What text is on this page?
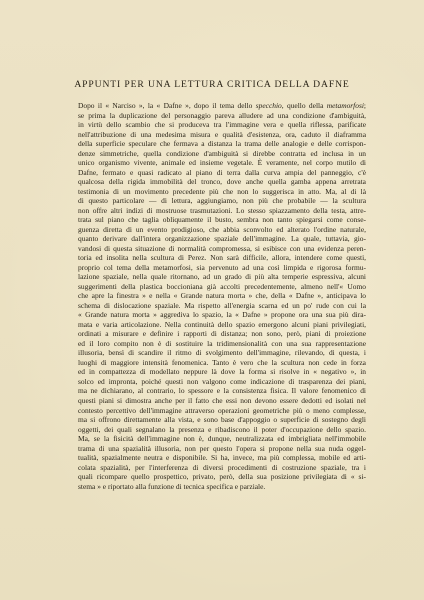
APPUNTI PER UNA LETTURA CRITICA DELLA DAFNE
Dopo il « Narciso », la « Dafne », dopo il tema dello specchio, quello della metamorfosi;
se prima la duplicazione del personaggio pareva alludere ad una condizione d'ambiguità,
in virtù dello scambio che si produceva tra l'immagine vera e quella riflessa, parificate
nell'attribuzione di una medesima misura e qualità d'esistenza, ora, caduto il diaframma
della superficie speculare che fermava a distanza la trama delle analogie e delle corrispon-
denze simmetriche, quella condizione d'ambiguità si direbbe contratta ed inclusa in un
unico organismo vivente, animale ed insieme vegetale. È veramente, nel corpo mutilo di
Dafne, fermato e quasi radicato al piano di terra dalla curva ampia del panneggio, c'è
qualcosa della rigida immobilità del tronco, dove anche quella gamba appena arretrata
testimonia di un movimento precedente più che non lo suggerisca in atto. Ma, al di là
di questo particolare — di lettura, aggiungiamo, non più che probabile — la scultura
non offre altri indizi di mostruose trasmutazioni. Lo stesso spiazzamento della testa, attre-
trata sul piano che taglia obliquamente il busto, sembra non tanto spiegarsi come conse-
guenza diretta di un evento prodigioso, che abbia sconvolto ed alterato l'ordine naturale,
quanto derivare dall'intera organizzazione spaziale dell'immagine. La quale, tuttavia, gio-
vandosi di questa situazione di normalità compromessa, si esibisce con una evidenza peren-
toria ed insolita nella scultura di Perez. Non sarà difficile, allora, intendere come questi,
proprio col tema della metamorfosi, sia pervenuto ad una così limpida e rigorosa formu-
lazione spaziale, nella quale ritornano, ad un grado di più alta temperie espressiva, alcuni
suggerimenti della plastica boccioniana già accolti precedentemente, almeno nell'« Uomo
che apre la finestra » e nella « Grande natura morta » che, della « Dafne », anticipava lo
schema di dislocazione spaziale. Ma rispetto all'energia scarna ed un po' rude con cui la
« Grande natura morta » aggrediva lo spazio, la « Dafne » propone ora una sua più dira-
mata e varia articolazione. Nella continuità dello spazio emergono alcuni piani privilegiati,
ordinati a misurare e definire i rapporti di distanza; non sono, però, piani di proiezione
ed il loro compito non è di sostituire la tridimensionalità con una sua rappresentazione
illusoria, bensì di scandire il ritmo di svolgimento dell'immagine, rilevando, di questa, i
luoghi di maggiore intensità fenomenica. Tanto è vero che la scultura non cede in forza
ed in compattezza di modellato neppure là dove la forma si risolve in « negativo », in
solco ed impronta, poiché questi non valgono come indicazione di trasparenza dei piani,
ma ne dichiarano, al contrario, lo spessore e la consistenza fisica. Il valore fenomenico di
questi piani si dimostra anche per il fatto che essi non devono essere dedotti ed isolati nel
contesto percettivo dell'immagine attraverso operazioni geometriche più o meno complesse,
ma si offrono direttamente alla vista, e sono base d'appoggio o superficie di sostegno degli
oggetti, dei quali segnalano la presenza e ribadiscono il poter d'occupazione dello spazio.
Ma, se la fisicità dell'immagine non è, dunque, neutralizzata ed imbrigliata nell'immobile
trama di una spazialità illusoria, non per questo l'opera si propone nella sua nuda oggel-
tualità, spazialmente neutra e disponibile. Si ha, invece, ma più complessa, mobile ed arti-
colata spazialità, per l'interferenza di diversi procedimenti di costruzione spaziale, tra i
quali ricompare quello prospettico, privato, però, della sua posizione privilegiata di « si-
stema » e riportato alla funzione di tecnica specifica e parziale.
